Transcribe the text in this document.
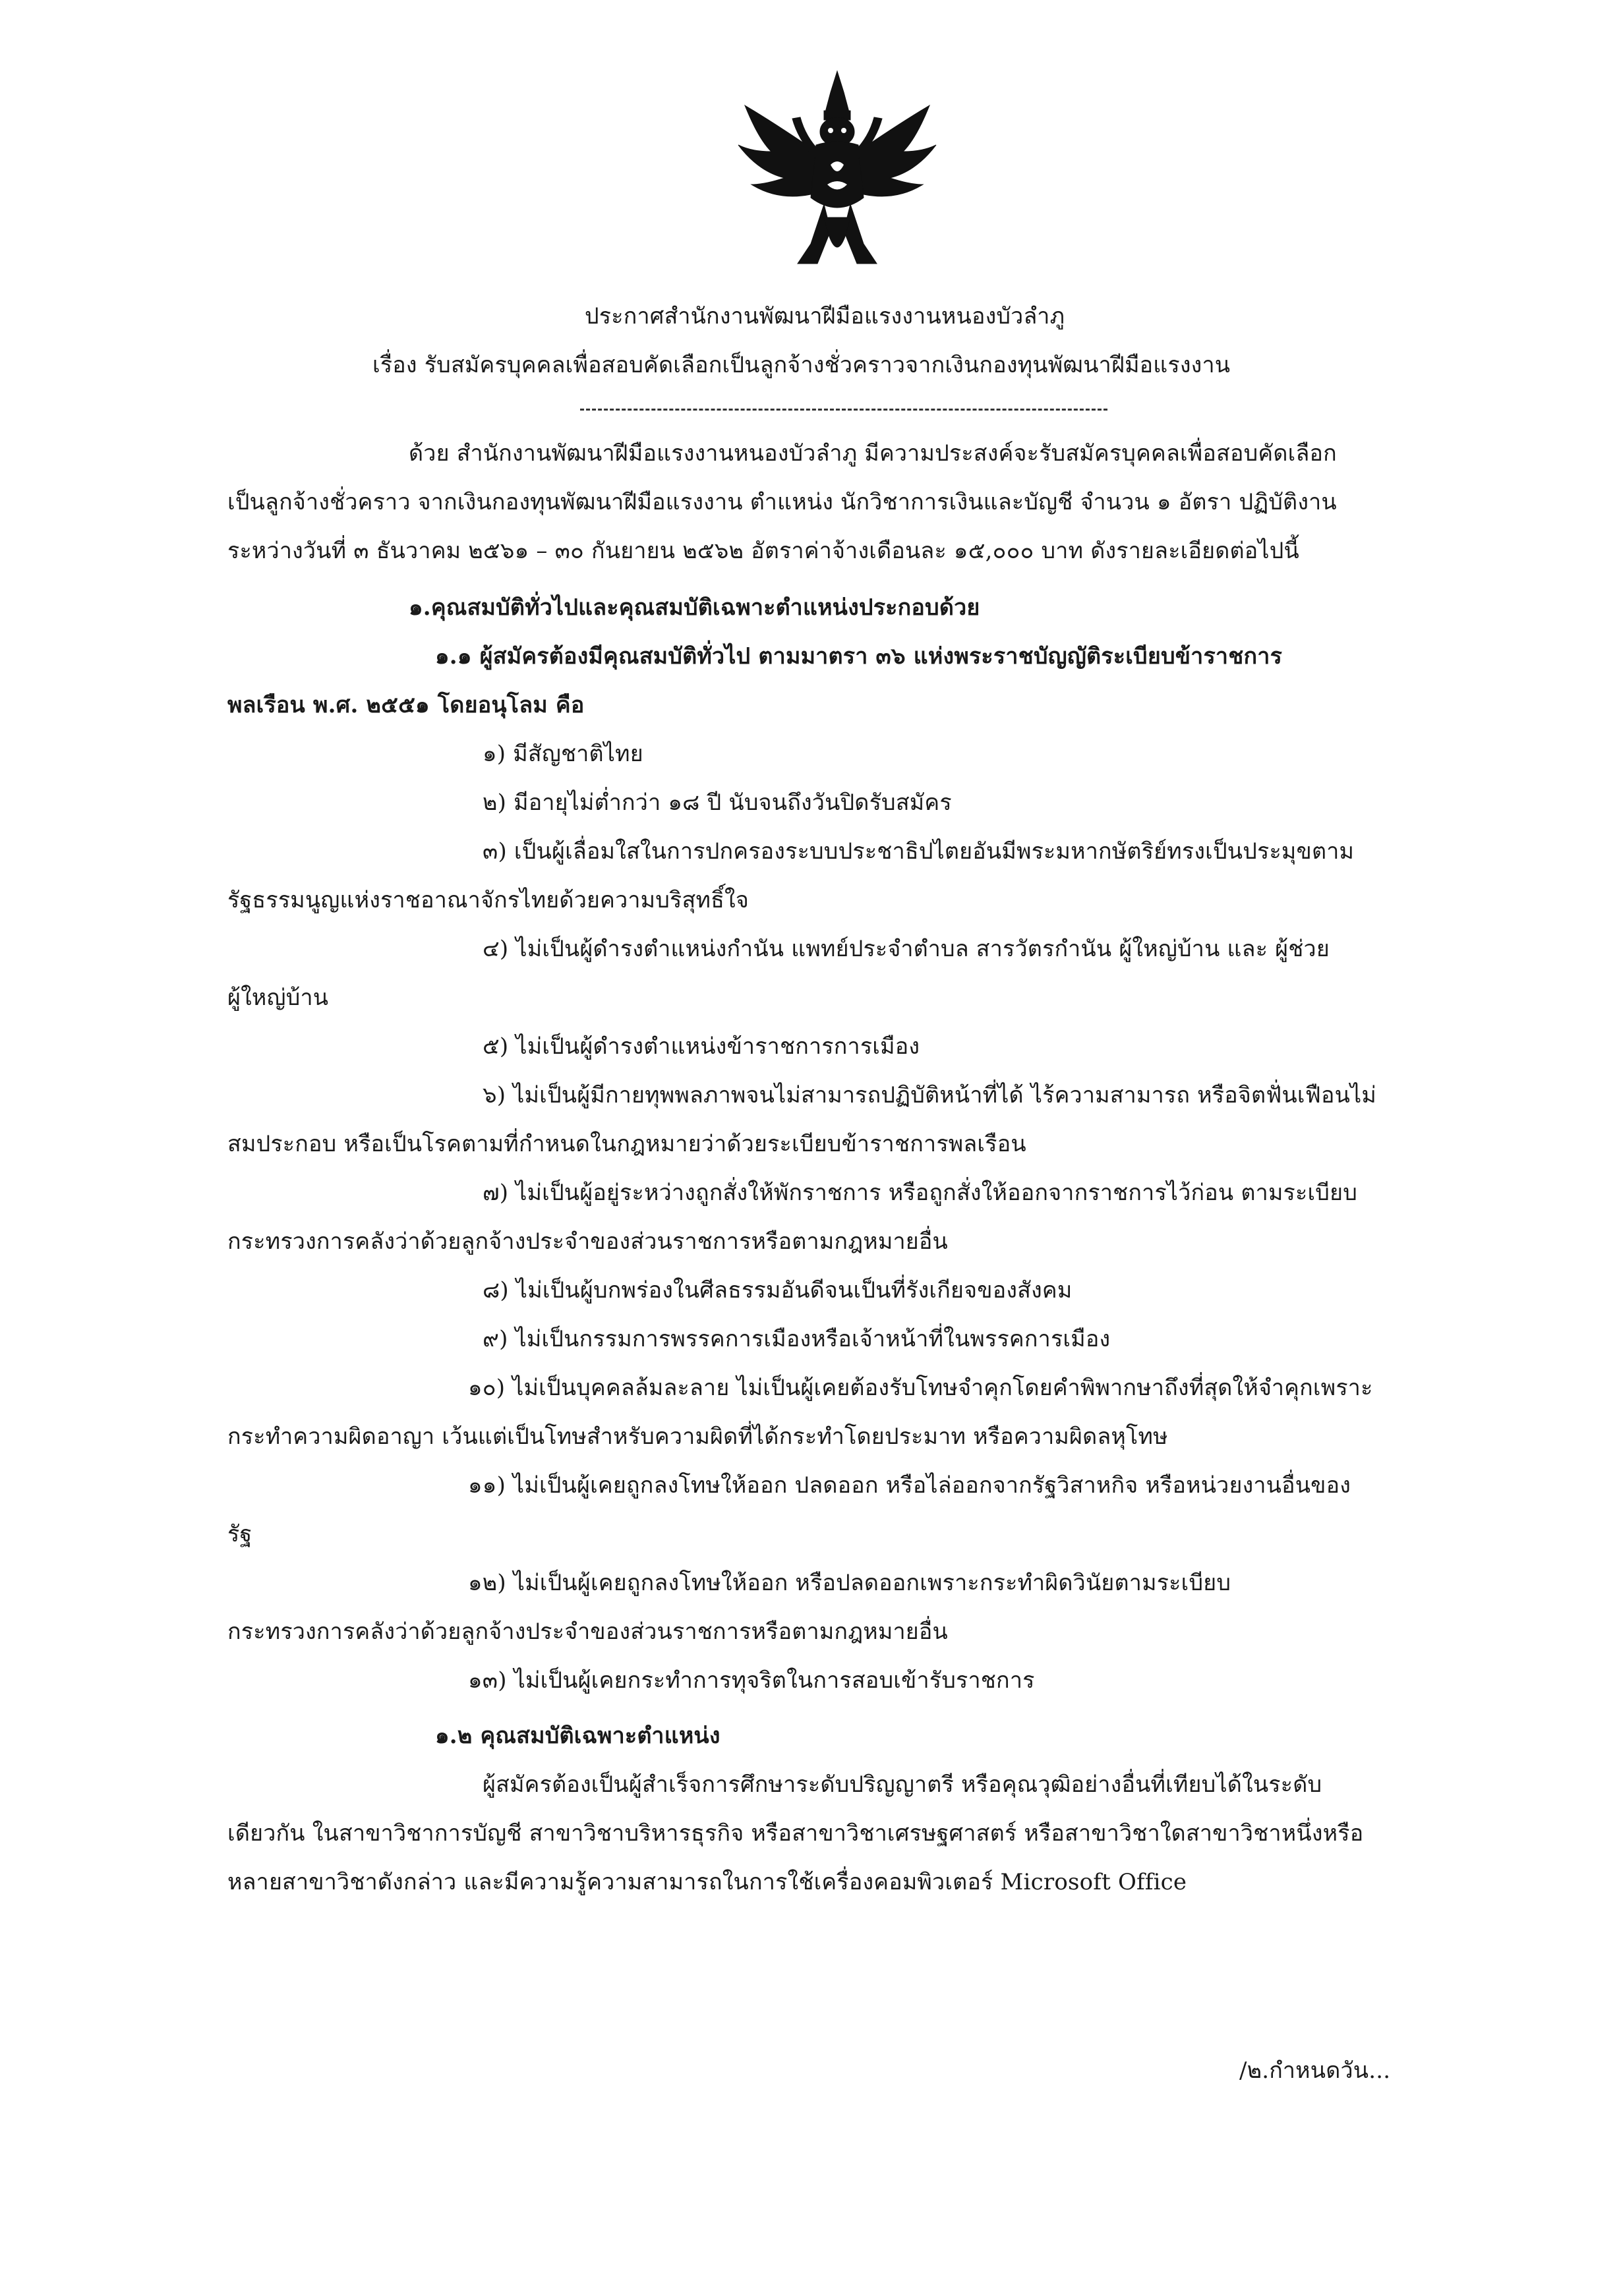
ประกาศสำนักงานพัฒนาฝีมือแรงงานหนองบัวลำภู
เรื่อง รับสมัครบุคคลเพื่อสอบคัดเลือกเป็นลูกจ้างชั่วคราวจากเงินกองทุนพัฒนาฝีมือแรงงาน
ด้วย สำนักงานพัฒนาฝีมือแรงงานหนองบัวลำภู มีความประสงค์จะรับสมัครบุคคลเพื่อสอบคัดเลือก
เป็นลูกจ้างชั่วคราว จากเงินกองทุนพัฒนาฝีมือแรงงาน ตำแหน่ง นักวิชาการเงินและบัญชี จำนวน ๑ อัตรา ปฏิบัติงาน
ระหว่างวันที่ ๓ ธันวาคม ๒๕๖๑ – ๓๐ กันยายน ๒๕๖๒ อัตราค่าจ้างเดือนละ ๑๕,๐๐๐ บาท ดังรายละเอียดต่อไปนี้
๑.คุณสมบัติทั่วไปและคุณสมบัติเฉพาะตำแหน่งประกอบด้วย
๑.๑ ผู้สมัครต้องมีคุณสมบัติทั่วไป ตามมาตรา ๓๖ แห่งพระราชบัญญัติระเบียบข้าราชการ
พลเรือน พ.ศ. ๒๕๕๑ โดยอนุโลม คือ
๑) มีสัญชาติไทย
๒) มีอายุไม่ต่ำกว่า ๑๘ ปี นับจนถึงวันปิดรับสมัคร
๓) เป็นผู้เลื่อมใสในการปกครองระบบประชาธิปไตยอันมีพระมหากษัตริย์ทรงเป็นประมุขตาม
รัฐธรรมนูญแห่งราชอาณาจักรไทยด้วยความบริสุทธิ์ใจ
๔) ไม่เป็นผู้ดำรงตำแหน่งกำนัน แพทย์ประจำตำบล สารวัตรกำนัน ผู้ใหญ่บ้าน และ ผู้ช่วย
ผู้ใหญ่บ้าน
๕) ไม่เป็นผู้ดำรงตำแหน่งข้าราชการการเมือง
๖) ไม่เป็นผู้มีกายทุพพลภาพจนไม่สามารถปฏิบัติหน้าที่ได้ ไร้ความสามารถ หรือจิตฟั่นเฟือนไม่
สมประกอบ หรือเป็นโรคตามที่กำหนดในกฎหมายว่าด้วยระเบียบข้าราชการพลเรือน
๗) ไม่เป็นผู้อยู่ระหว่างถูกสั่งให้พักราชการ หรือถูกสั่งให้ออกจากราชการไว้ก่อน ตามระเบียบ
กระทรวงการคลังว่าด้วยลูกจ้างประจำของส่วนราชการหรือตามกฎหมายอื่น
๘) ไม่เป็นผู้บกพร่องในศีลธรรมอันดีจนเป็นที่รังเกียจของสังคม
๙) ไม่เป็นกรรมการพรรคการเมืองหรือเจ้าหน้าที่ในพรรคการเมือง
๑๐) ไม่เป็นบุคคลล้มละลาย ไม่เป็นผู้เคยต้องรับโทษจำคุกโดยคำพิพากษาถึงที่สุดให้จำคุกเพราะ
กระทำความผิดอาญา เว้นแต่เป็นโทษสำหรับความผิดที่ได้กระทำโดยประมาท หรือความผิดลหุโทษ
๑๑) ไม่เป็นผู้เคยถูกลงโทษให้ออก ปลดออก หรือไล่ออกจากรัฐวิสาหกิจ หรือหน่วยงานอื่นของ
รัฐ
๑๒) ไม่เป็นผู้เคยถูกลงโทษให้ออก หรือปลดออกเพราะกระทำผิดวินัยตามระเบียบ
กระทรวงการคลังว่าด้วยลูกจ้างประจำของส่วนราชการหรือตามกฎหมายอื่น
๑๓) ไม่เป็นผู้เคยกระทำการทุจริตในการสอบเข้ารับราชการ
๑.๒ คุณสมบัติเฉพาะตำแหน่ง
ผู้สมัครต้องเป็นผู้สำเร็จการศึกษาระดับปริญญาตรี หรือคุณวุฒิอย่างอื่นที่เทียบได้ในระดับ
เดียวกัน ในสาขาวิชาการบัญชี สาขาวิชาบริหารธุรกิจ หรือสาขาวิชาเศรษฐศาสตร์ หรือสาขาวิชาใดสาขาวิชาหนึ่งหรือ
หลายสาขาวิชาดังกล่าว และมีความรู้ความสามารถในการใช้เครื่องคอมพิวเตอร์ Microsoft Office
/๒.กำหนดวัน...
